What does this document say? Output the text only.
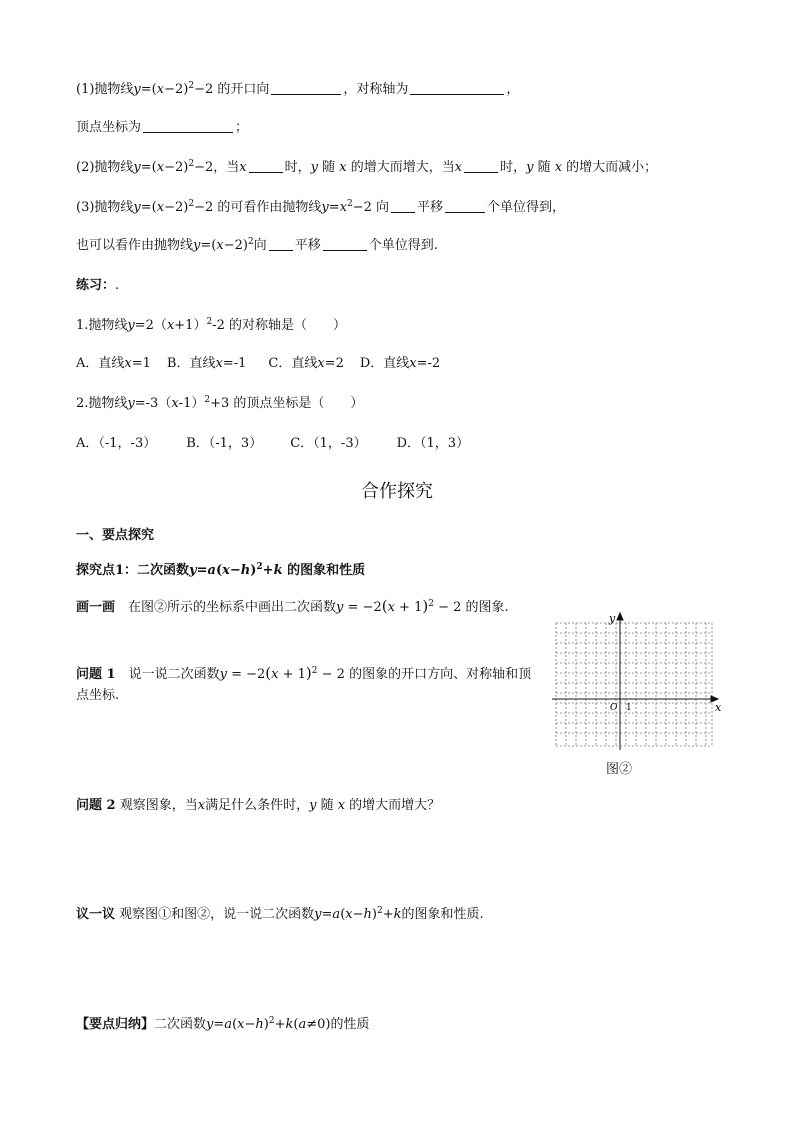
(1)抛物线$y=(x-2)^2-2$ 的开口向	，对称轴为	，
顶点坐标为	；
(2)抛物线$y=(x-2)^2-2$，当x	时，y 随 x 的增大而增大，当x	时，y 随 x 的增大而减小；
(3)抛物线$y=(x-2)^2-2$ 的可看作由抛物线$y=x^2-2$ 向 平移	个单位得到，
也可以看作由抛物线$y=(x-2)^2$向 平移	个单位得到.
练习：.
1.抛物线$y=2(x+1)^2-2$ 的对称轴是（　　）
A．直线x=1 B．直线x=-1 C．直线x=2 D．直线x=-2
2.抛物线$y=-3(x-1)^2+3$ 的顶点坐标是（　　）
A．（-1，-3） B．（-1，3） C．（1，-3） D．（1，3）
合作探究
一、要点探究
探究点1：二次函数$y=a(x-h)^2+k$ 的图象和性质
画一画　在图②所示的坐标系中画出二次函数$y = -2(x + 1)^2 - 2$ 的图象.
问题 1　说一说二次函数$y = -2(x + 1)^2 - 2$ 的图象的开口方向、对称轴和顶
点坐标.
y
x
O 1
图②
问题 2 观察图象，当x满足什么条件时，y 随 x 的增大而增大？
议一议 观察图①和图②，说一说二次函数$y=a(x-h)^2+k$的图象和性质.
【要点归纳】二次函数$y=a(x-h)^2+k(a\ne 0)$的性质
